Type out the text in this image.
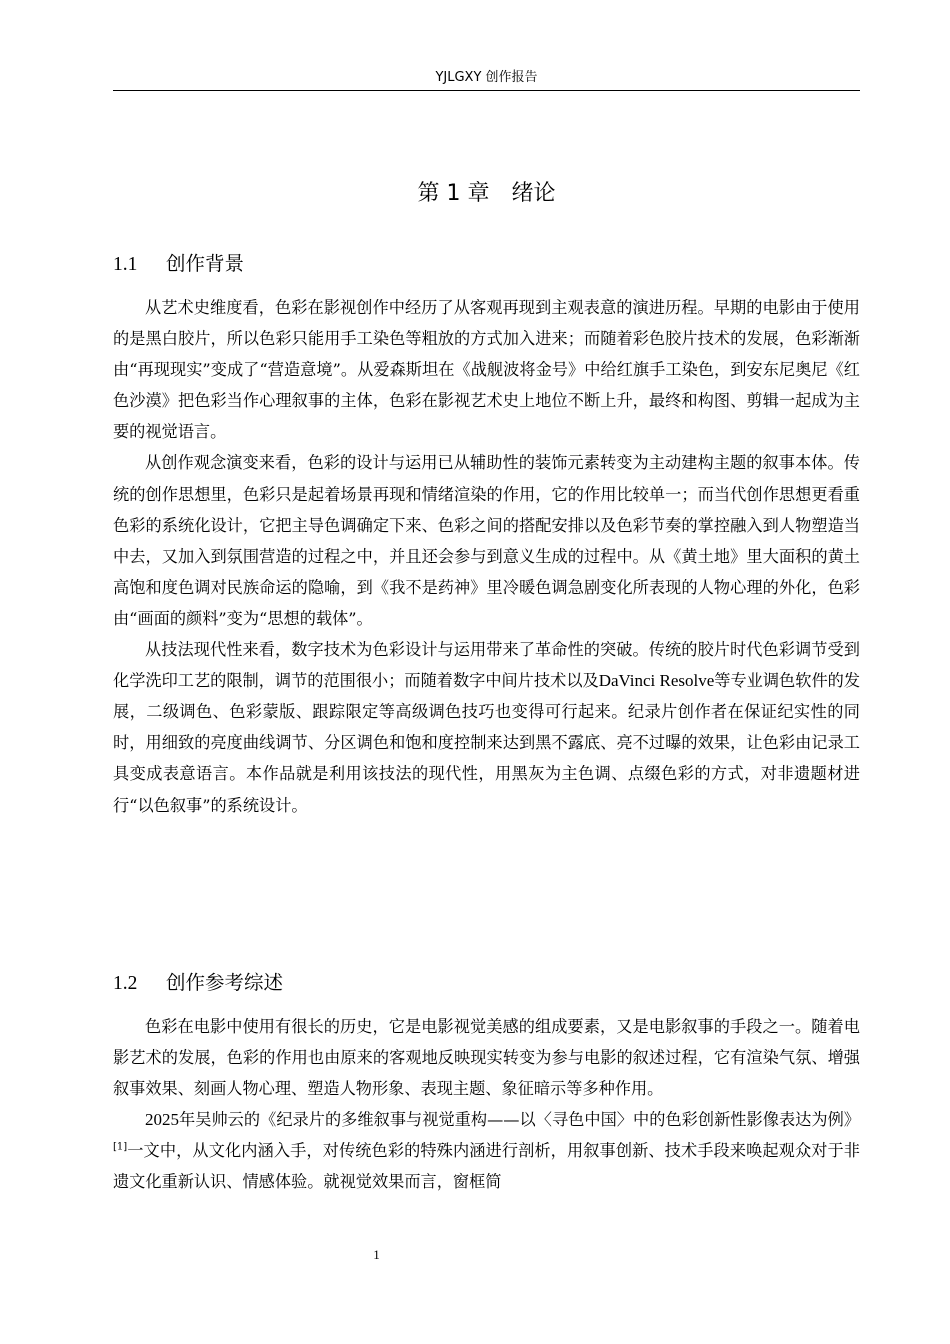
YJLGXY 创作报告
第 1 章　 绪论
1.1 创作背景

从艺术史维度看，色彩在影视创作中经历了从客观再现到主观表意的演进历程。早期的电影由于使用的是黑白胶片，所以色彩只能用手工染色等粗放的方式加入进来；而随着彩色胶片技术的发展，色彩渐渐由“再现现实”变成了“营造意境”。从爱森斯坦在《战舰波将金号》中给红旗手工染色，到安东尼奥尼《红色沙漠》把色彩当作心理叙事的主体，色彩在影视艺术史上地位不断上升，最终和构图、剪辑一起成为主要的视觉语言。

从创作观念演变来看，色彩的设计与运用已从辅助性的装饰元素转变为主动建构主题的叙事本体。传统的创作思想里，色彩只是起着场景再现和情绪渲染的作用，它的作用比较单一；而当代创作思想更看重色彩的系统化设计，它把主导色调确定下来、色彩之间的搭配安排以及色彩节奏的掌控融入到人物塑造当中去，又加入到氛围营造的过程之中，并且还会参与到意义生成的过程中。从《黄土地》里大面积的黄土高饱和度色调对民族命运的隐喻，到《我不是药神》里冷暖色调急剧变化所表现的人物心理的外化，色彩由“画面的颜料”变为“思想的载体”。

从技法现代性来看，数字技术为色彩设计与运用带来了革命性的突破。传统的胶片时代色彩调节受到化学洗印工艺的限制，调节的范围很小；而随着数字中间片技术以及DaVinci Resolve等专业调色软件的发展，二级调色、色彩蒙版、跟踪限定等高级调色技巧也变得可行起来。纪录片创作者在保证纪实性的同时，用细致的亮度曲线调节、分区调色和饱和度控制来达到黑不露底、亮不过曝的效果，让色彩由记录工具变成表意语言。本作品就是利用该技法的现代性，用黑灰为主色调、点缀色彩的方式，对非遗题材进行“以色叙事”的系统设计。

1.2 创作参考综述

色彩在电影中使用有很长的历史，它是电影视觉美感的组成要素，又是电影叙事的手段之一。随着电影艺术的发展，色彩的作用也由原来的客观地反映现实转变为参与电影的叙述过程，它有渲染气氛、增强叙事效果、刻画人物心理、塑造人物形象、表现主题、象征暗示等多种作用。

2025年吴帅云的《纪录片的多维叙事与视觉重构——以〈寻色中国〉中的色彩创新性影像表达为例》[1]一文中，从文化内涵入手，对传统色彩的特殊内涵进行剖析，用叙事创新、技术手段来唤起观众对于非遗文化重新认识、情感体验。就视觉效果而言，窗框简

1
